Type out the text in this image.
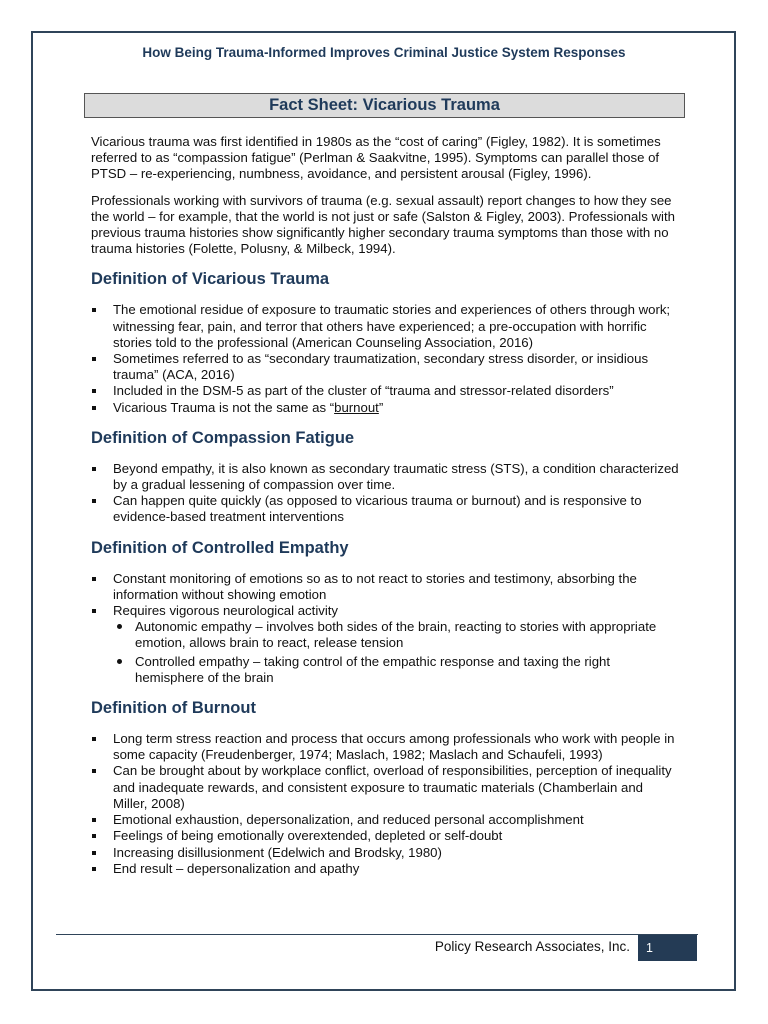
How Being Trauma-Informed Improves Criminal Justice System Responses
Fact Sheet: Vicarious Trauma

Vicarious trauma was first identified in 1980s as the “cost of caring” (Figley, 1982). It is sometimes referred to as “compassion fatigue” (Perlman & Saakvitne, 1995). Symptoms can parallel those of PTSD – re-experiencing, numbness, avoidance, and persistent arousal (Figley, 1996).

Professionals working with survivors of trauma (e.g. sexual assault) report changes to how they see the world – for example, that the world is not just or safe (Salston & Figley, 2003). Professionals with previous trauma histories show significantly higher secondary trauma symptoms than those with no trauma histories (Folette, Polusny, & Milbeck, 1994).

Definition of Vicarious Trauma
The emotional residue of exposure to traumatic stories and experiences of others through work; witnessing fear, pain, and terror that others have experienced; a pre-occupation with horrific stories told to the professional (American Counseling Association, 2016)
Sometimes referred to as “secondary traumatization, secondary stress disorder, or insidious trauma” (ACA, 2016)
Included in the DSM-5 as part of the cluster of “trauma and stressor-related disorders”
Vicarious Trauma is not the same as “burnout”
Definition of Compassion Fatigue
Beyond empathy, it is also known as secondary traumatic stress (STS), a condition characterized by a gradual lessening of compassion over time.
Can happen quite quickly (as opposed to vicarious trauma or burnout) and is responsive to evidence-based treatment interventions
Definition of Controlled Empathy
Constant monitoring of emotions so as to not react to stories and testimony, absorbing the information without showing emotion
Requires vigorous neurological activity
Autonomic empathy – involves both sides of the brain, reacting to stories with appropriate emotion, allows brain to react, release tension
Controlled empathy – taking control of the empathic response and taxing the right hemisphere of the brain
Definition of Burnout
Long term stress reaction and process that occurs among professionals who work with people in some capacity (Freudenberger, 1974; Maslach, 1982; Maslach and Schaufeli, 1993)
Can be brought about by workplace conflict, overload of responsibilities, perception of inequality and inadequate rewards, and consistent exposure to traumatic materials (Chamberlain and Miller, 2008)
Emotional exhaustion, depersonalization, and reduced personal accomplishment
Feelings of being emotionally overextended, depleted or self-doubt
Increasing disillusionment (Edelwich and Brodsky, 1980)
End result – depersonalization and apathy
Policy Research Associates, Inc.	1
